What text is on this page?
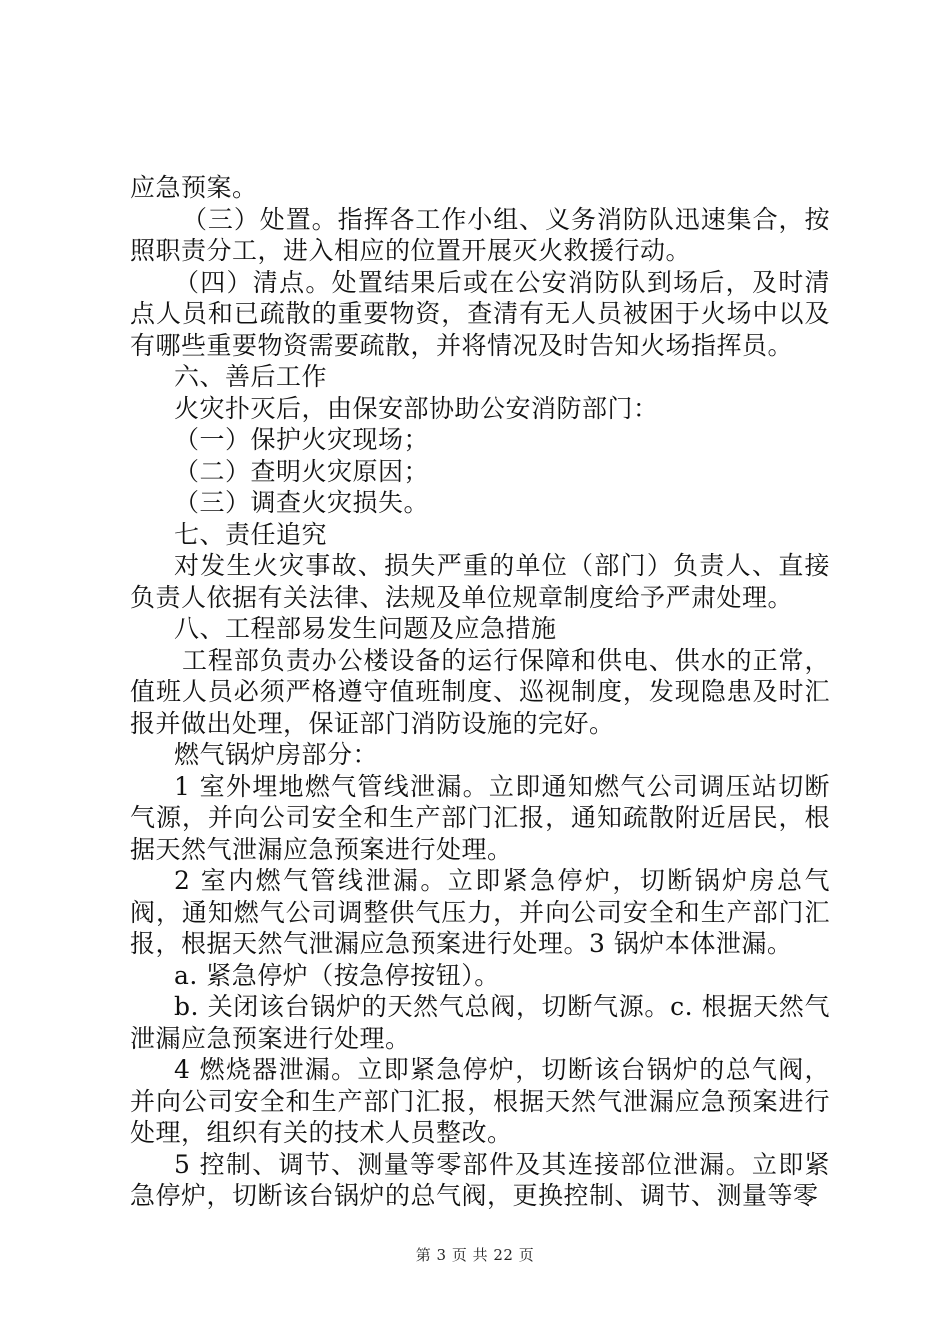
应急预案。

（三）处置。指挥各工作小组、义务消防队迅速集合，按照职责分工，进入相应的位置开展灭火救援行动。

（四）清点。处置结果后或在公安消防队到场后，及时清点人员和已疏散的重要物资，查清有无人员被困于火场中以及有哪些重要物资需要疏散，并将情况及时告知火场指挥员。

六、善后工作

火灾扑灭后，由保安部协助公安消防部门：

（一）保护火灾现场；

（二）查明火灾原因；

（三）调查火灾损失。

七、责任追究

对发生火灾事故、损失严重的单位（部门）负责人、直接负责人依据有关法律、法规及单位规章制度给予严肃处理。

八、工程部易发生问题及应急措施

工程部负责办公楼设备的运行保障和供电、供水的正常，值班人员必须严格遵守值班制度、巡视制度，发现隐患及时汇报并做出处理，保证部门消防设施的完好。

燃气锅炉房部分：

1 室外埋地燃气管线泄漏。立即通知燃气公司调压站切断气源，并向公司安全和生产部门汇报，通知疏散附近居民，根据天然气泄漏应急预案进行处理。

2 室内燃气管线泄漏。立即紧急停炉，切断锅炉房总气阀，通知燃气公司调整供气压力，并向公司安全和生产部门汇报，根据天然气泄漏应急预案进行处理。3 锅炉本体泄漏。

a. 紧急停炉（按急停按钮）。

b. 关闭该台锅炉的天然气总阀，切断气源。c. 根据天然气泄漏应急预案进行处理。

4 燃烧器泄漏。立即紧急停炉，切断该台锅炉的总气阀，并向公司安全和生产部门汇报，根据天然气泄漏应急预案进行处理，组织有关的技术人员整改。

5 控制、调节、测量等零部件及其连接部位泄漏。立即紧急停炉，切断该台锅炉的总气阀，更换控制、调节、测量等零

第 3 页 共 22 页
